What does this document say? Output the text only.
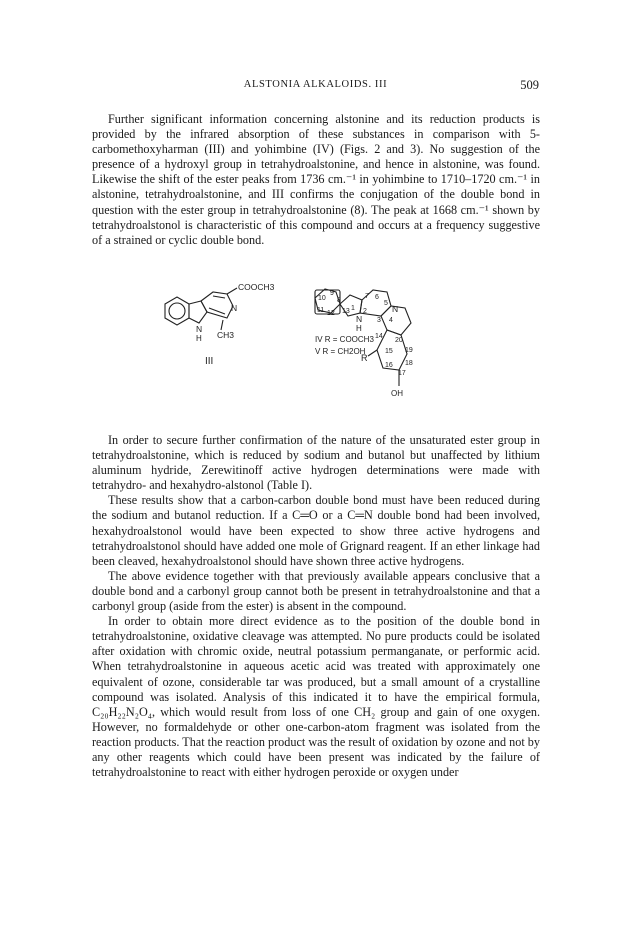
ALSTONIA ALKALOIDS. III	509

Further significant information concerning alstonine and its reduction products is provided by the infrared absorption of these substances in comparison with 5-carbomethoxyharman (III) and yohimbine (IV) (Figs. 2 and 3). No suggestion of the presence of a hydroxyl group in tetrahydroalstonine, and hence in alstonine, was found. Likewise the shift of the ester peaks from 1736 cm.⁻¹ in yohimbine to 1710–1720 cm.⁻¹ in alstonine, tetrahydroalstonine, and III confirms the conjugation of the double bond in question with the ester group in tetrahydroalstonine (8). The peak at 1668 cm.⁻¹ shown by tetrahydroalstonol is characteristic of this compound and occurs at a frequency suggestive of a strained or cyclic double bond.

COOCH3
N
N
H CH3
III
10
9
8
11 12 13 1
7 6
5
2
3 4
14
20
15 19
16
17
18
N
H
N
R
OH
IV R = COOCH3
V R = CH2OH

In order to secure further confirmation of the nature of the unsaturated ester group in tetrahydroalstonine, which is reduced by sodium and butanol but unaffected by lithium aluminum hydride, Zerewitinoff active hydrogen determinations were made with tetrahydro- and hexahydro-alstonol (Table I).

These results show that a carbon-carbon double bond must have been reduced during the sodium and butanol reduction. If a C═O or a C═N double bond had been involved, hexahydroalstonol would have been expected to show three active hydrogens and tetrahydroalstonol should have added one mole of Grignard reagent. If an ether linkage had been cleaved, hexahydroalstonol should have shown three active hydrogens.

The above evidence together with that previously available appears conclusive that a double bond and a carbonyl group cannot both be present in tetrahydroalstonine and that a carbonyl group (aside from the ester) is absent in the compound.

In order to obtain more direct evidence as to the position of the double bond in tetrahydroalstonine, oxidative cleavage was attempted. No pure products could be isolated after oxidation with chromic oxide, neutral potassium permanganate, or performic acid. When tetrahydroalstonine in aqueous acetic acid was treated with approximately one equivalent of ozone, considerable tar was produced, but a small amount of a crystalline compound was isolated. Analysis of this indicated it to have the empirical formula, C₂₀H₂₂N₂O₄, which would result from loss of one CH₂ group and gain of one oxygen. However, no formaldehyde or other one-carbon-atom fragment was isolated from the reaction products. That the reaction product was the result of oxidation by ozone and not by any other reagents which could have been present was indicated by the failure of tetrahydroalstonine to react with either hydrogen peroxide or oxygen under
